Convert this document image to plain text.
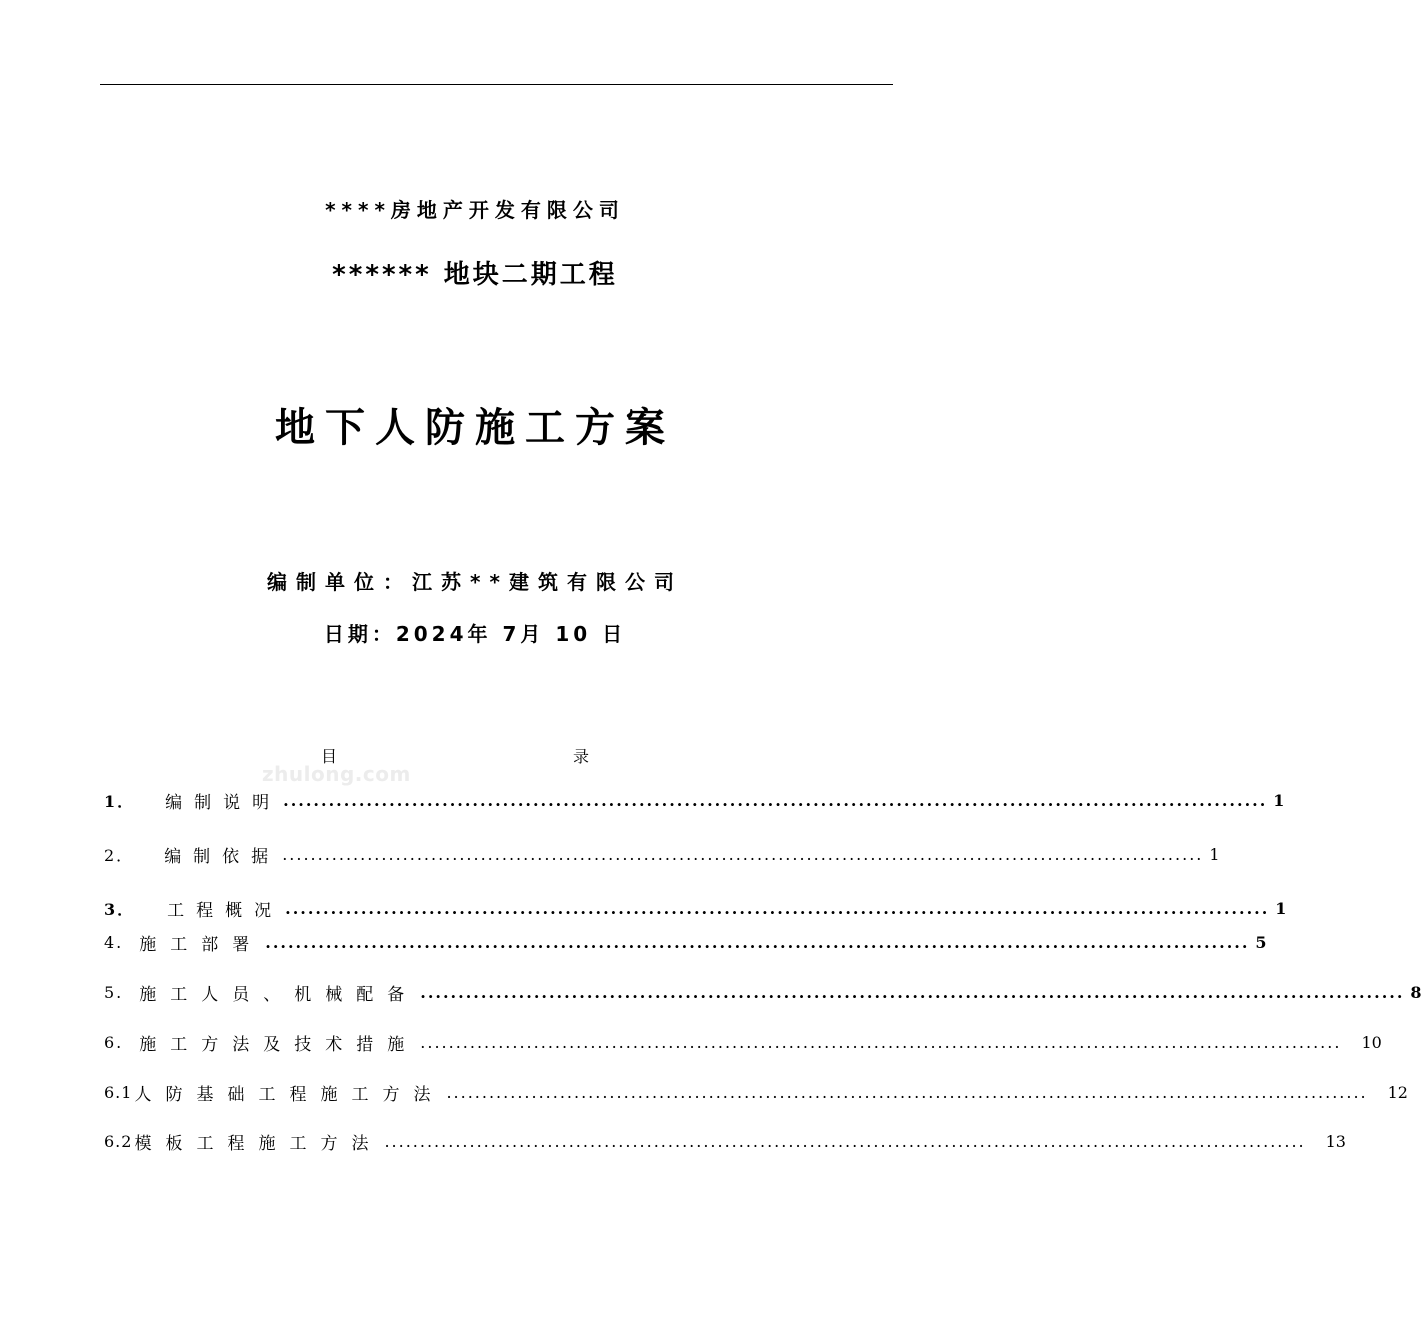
****房地产开发有限公司
****** 地块二期工程
地下人防施工方案
编制单位：江苏**建筑有限公司
日期：2024年 7月 10 日
目	录
zhulong.com
1． 编制说明 .................................................................................................................................. 1
2． 编制依据 .................................................................................................................................. 1
3． 工程概况 .................................................................................................................................. 1
4. 施工部署 .................................................................................................................................. 5
5. 施工人员、机械配备 .................................................................................................................................. 8
6. 施工方法及技术措施 .................................................................................................................................. 10
6.1 人防基础工程施工方法 .................................................................................................................................. 12
6.2 模板工程施工方法 .................................................................................................................................. 13
